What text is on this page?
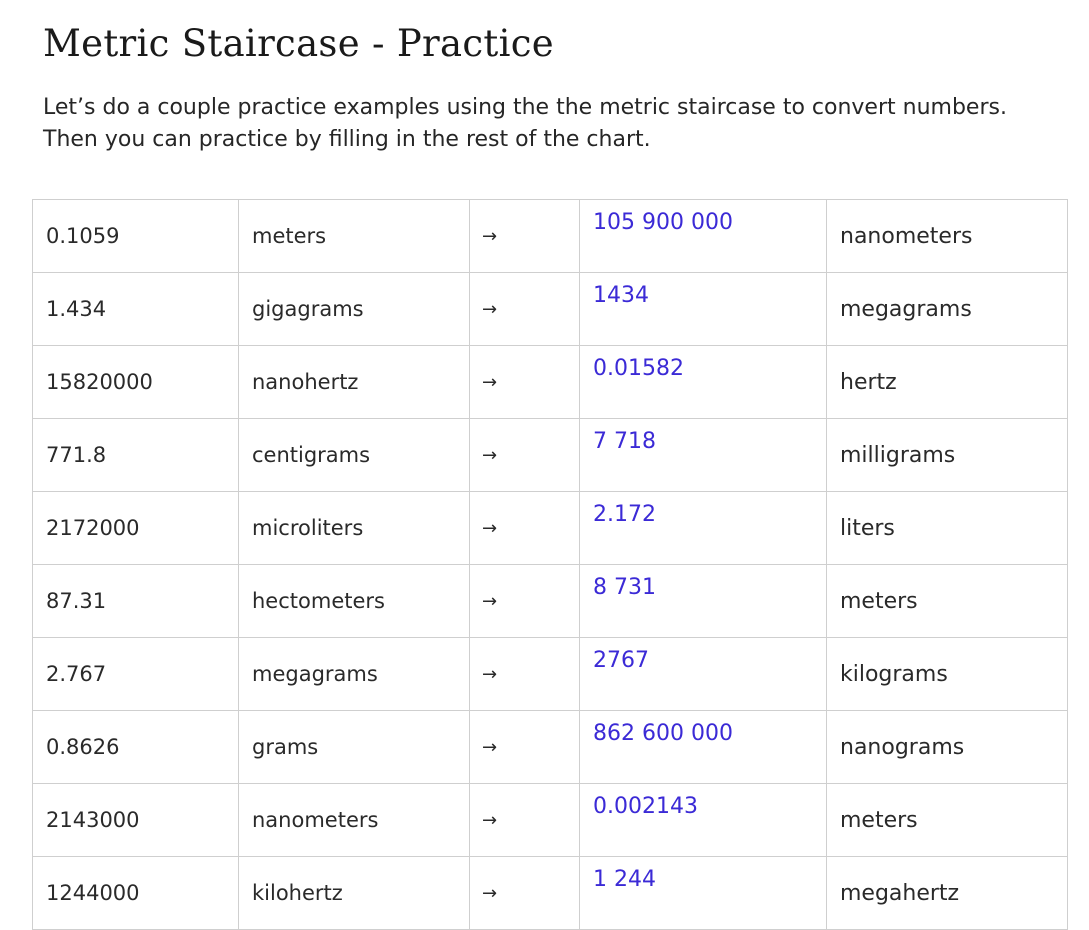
Metric Staircase - Practice

Let’s do a couple practice examples using the the metric staircase to convert numbers. Then you can practice by filling in the rest of the chart.

0.1059	meters	→	105 900 000	nanometers
1.434	gigagrams	→	1434	megagrams
15820000	nanohertz	→	0.01582	hertz
771.8	centigrams	→	7 718	milligrams
2172000	microliters	→	2.172	liters
87.31	hectometers	→	8 731	meters
2.767	megagrams	→	2767	kilograms
0.8626	grams	→	862 600 000	nanograms
2143000	nanometers	→	0.002143	meters
1244000	kilohertz	→	1 244	megahertz
